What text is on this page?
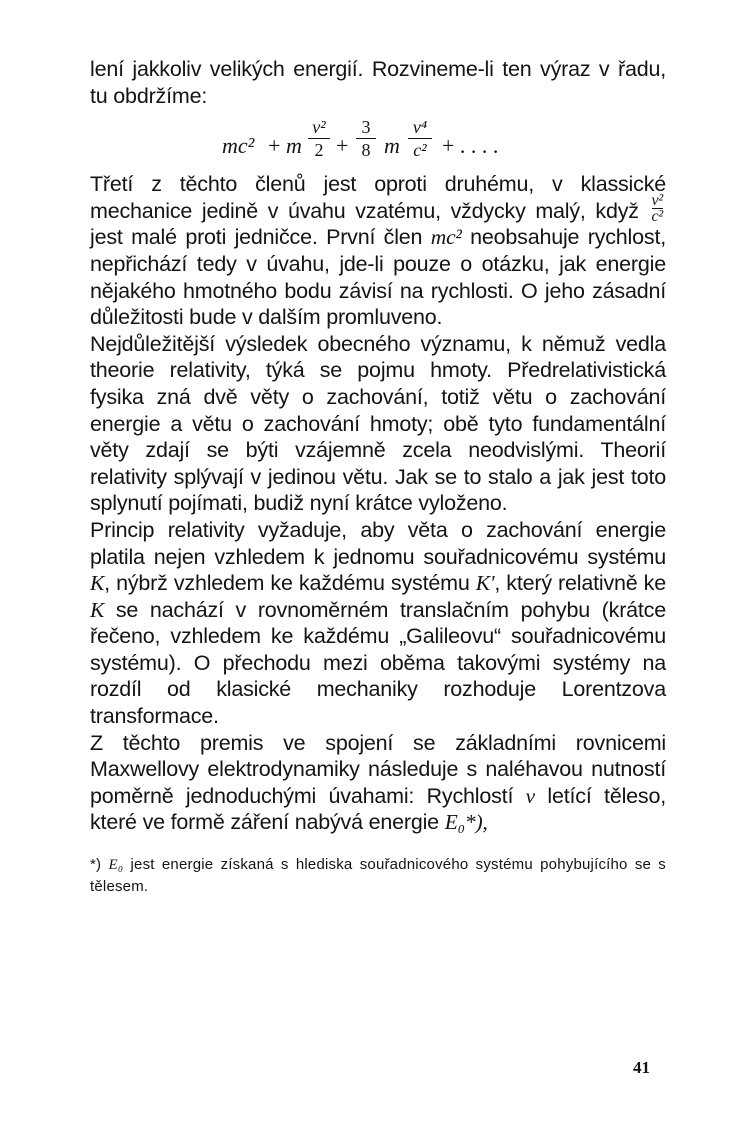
lení jakkoliv velikých energií. Rozvineme-li ten výraz v řadu, tu obdržíme:

mc² + m
v²
2 +
3
8 m
v⁴
c² + . . . .

Třetí z těchto členů jest oproti druhému, v klassické mechanice jedině v úvahu vzatému, vždycky malý, když $\frac{\text{v²}}{\text{c²}}$
jest malé proti jedničce. První člen mc² neobsahuje rychlost, nepřichází tedy v úvahu, jde-li pouze o otázku, jak energie nějakého hmotného bodu závisí na rychlosti. O jeho zásadní důležitosti bude v dalším promluveno.

Nejdůležitější výsledek obecného významu, k němuž vedla theorie relativity, týká se pojmu hmoty. Předrelativistická fysika zná dvě věty o zachování, totiž větu o zachování energie a větu o zachování hmoty; obě tyto fundamentální věty zdají se býti vzájemně zcela neodvislými. Theorií relativity splývají v jedinou větu. Jak se to stalo a jak jest toto splynutí pojímati, budiž nyní krátce vyloženo.

Princip relativity vyžaduje, aby věta o zachování energie platila nejen vzhledem k jednomu souřadnicovému systému K, nýbrž vzhledem ke každému systému K', který relativně ke K se nachází v rovnoměrném translačním pohybu (krátce řečeno, vzhledem ke každému „Galileovu“ souřadnicovému systému). O přechodu mezi oběma takovými systémy na rozdíl od klasické mechaniky rozhoduje Lorentzova transformace.

Z těchto premis ve spojení se základními rovnicemi Maxwellovy elektrodynamiky následuje s naléhavou nutností poměrně jednoduchými úvahami: Rychlostí v letící těleso, které ve formě záření nabývá energie E₀*),

*) E₀ jest energie získaná s hlediska souřadnicového systému pohybujícího se s tělesem.

41
